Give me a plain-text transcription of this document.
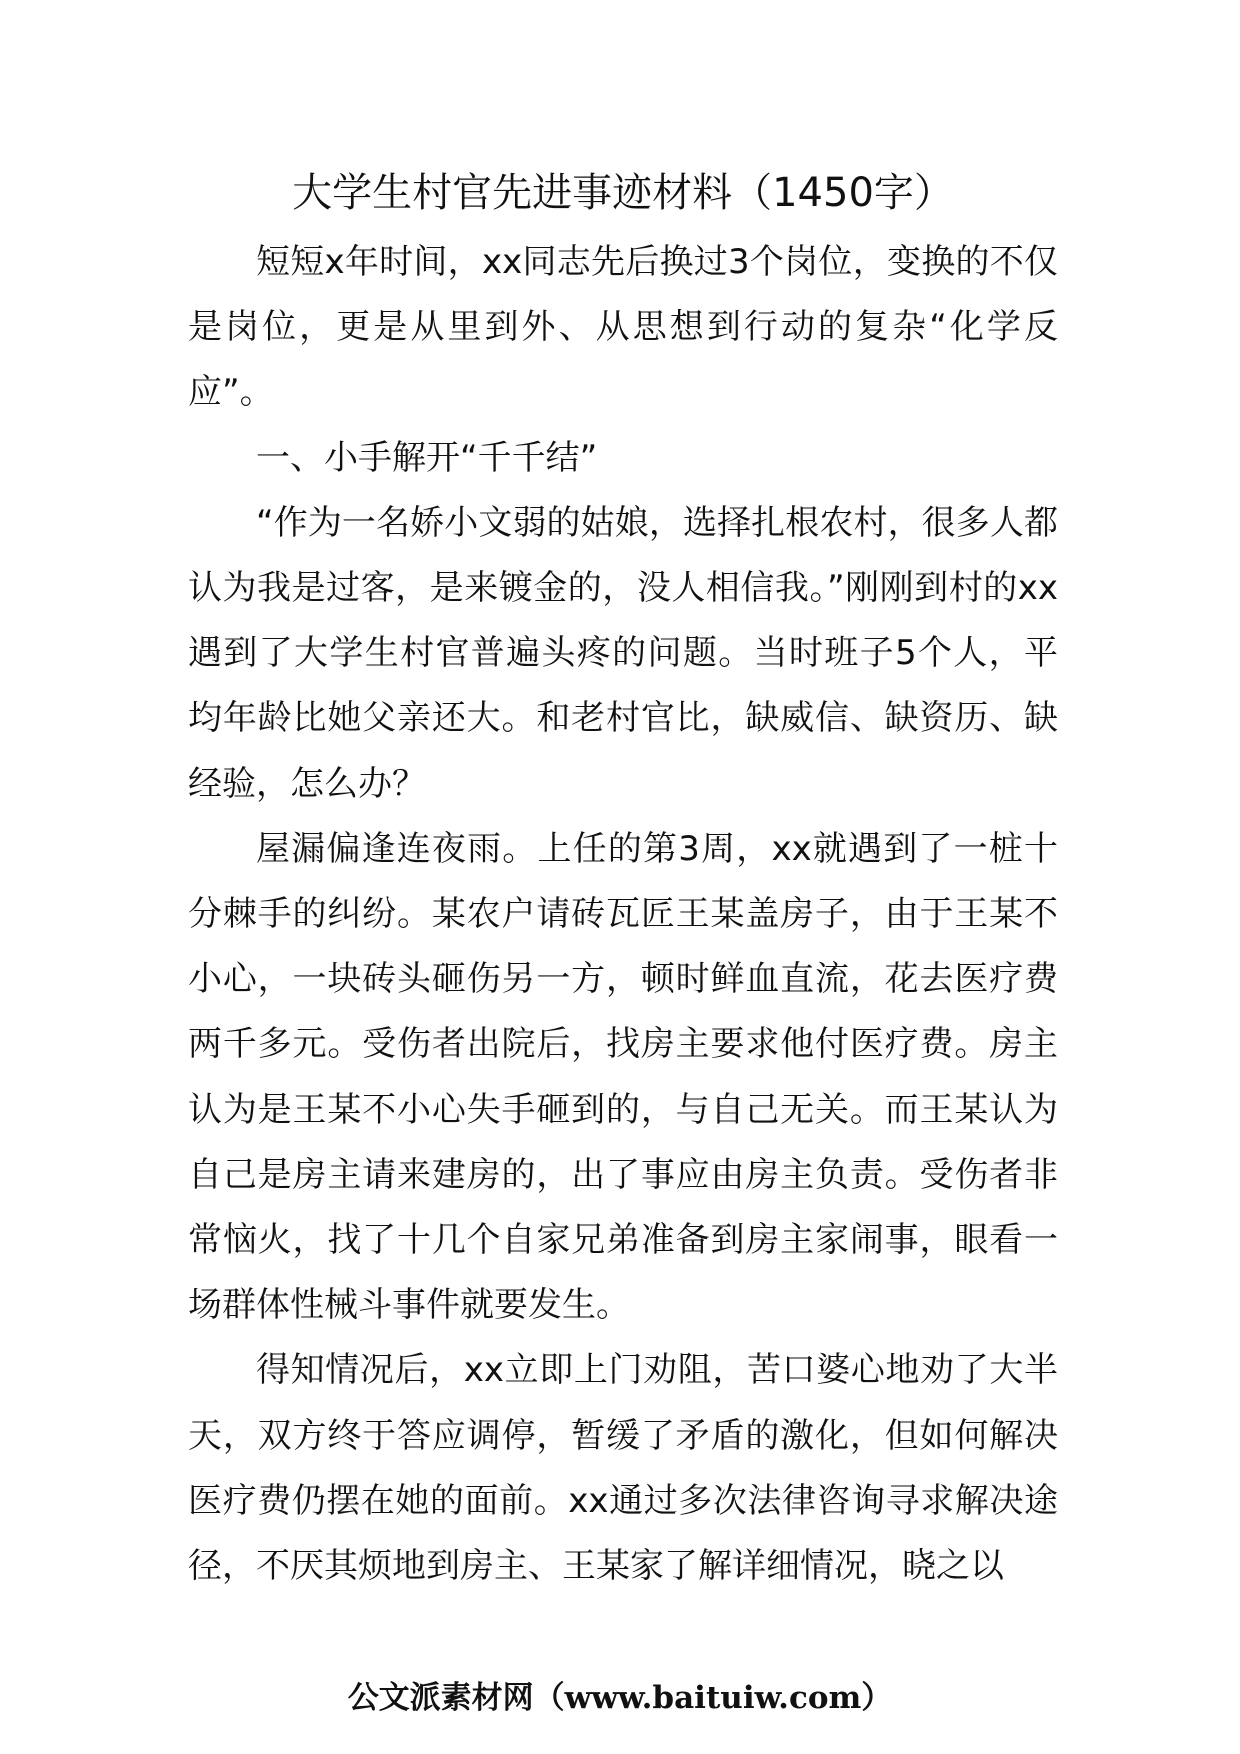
大学生村官先进事迹材料（1450字）

短短x年时间，xx同志先后换过3个岗位，变换的不仅是岗位，更是从里到外、从思想到行动的复杂“化学反应”。

一、小手解开“千千结”

“作为一名娇小文弱的姑娘，选择扎根农村，很多人都认为我是过客，是来镀金的，没人相信我。”刚刚到村的xx遇到了大学生村官普遍头疼的问题。当时班子5个人，平均年龄比她父亲还大。和老村官比，缺威信、缺资历、缺经验，怎么办？

屋漏偏逢连夜雨。上任的第3周，xx就遇到了一桩十分棘手的纠纷。某农户请砖瓦匠王某盖房子，由于王某不小心，一块砖头砸伤另一方，顿时鲜血直流，花去医疗费两千多元。受伤者出院后，找房主要求他付医疗费。房主认为是王某不小心失手砸到的，与自己无关。而王某认为自己是房主请来建房的，出了事应由房主负责。受伤者非常恼火，找了十几个自家兄弟准备到房主家闹事，眼看一场群体性械斗事件就要发生。

得知情况后，xx立即上门劝阻，苦口婆心地劝了大半天，双方终于答应调停，暂缓了矛盾的激化，但如何解决医疗费仍摆在她的面前。xx通过多次法律咨询寻求解决途径，不厌其烦地到房主、王某家了解详细情况，晓之以

公文派素材网（www.baituiw.com）
